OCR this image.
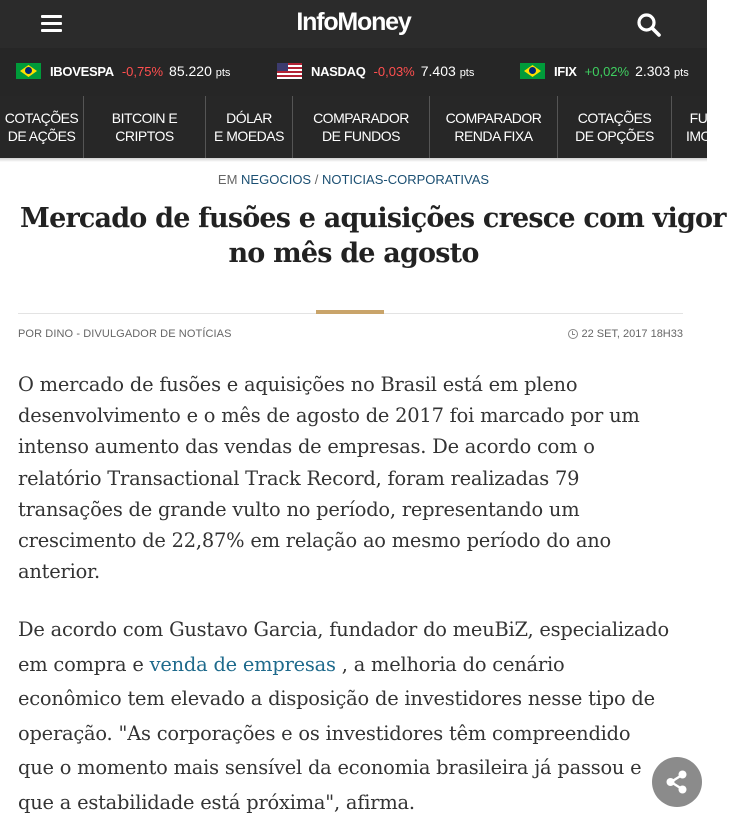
InfoMoney
IBOVESPA -0,75% 85.220 pts	NASDAQ -0,03% 7.403 pts	IFIX +0,02% 2.303 pts
COTAÇÕES
DE AÇÕES
BITCOIN E
CRIPTOS
DÓLAR
E MOEDAS
COMPARADOR
DE FUNDOS
COMPARADOR
RENDA FIXA
COTAÇÕES
DE OPÇÕES
FU
IMO
EM NEGOCIOS / NOTICIAS-CORPORATIVAS
Mercado de fusões e aquisições cresce com vigor
no mês de agosto
POR DINO - DIVULGADOR DE NOTÍCIAS	22 SET, 2017 18H33
O mercado de fusões e aquisições no Brasil está em pleno
desenvolvimento e o mês de agosto de 2017 foi marcado por um
intenso aumento das vendas de empresas. De acordo com o
relatório Transactional Track Record, foram realizadas 79
transações de grande vulto no período, representando um
crescimento de 22,87% em relação ao mesmo período do ano
anterior.
De acordo com Gustavo Garcia, fundador do meuBiZ, especializado
em compra e venda de empresas , a melhoria do cenário
econômico tem elevado a disposição de investidores nesse tipo de
operação. "As corporações e os investidores têm compreendido
que o momento mais sensível da economia brasileira já passou e
que a estabilidade está próxima", afirma.
